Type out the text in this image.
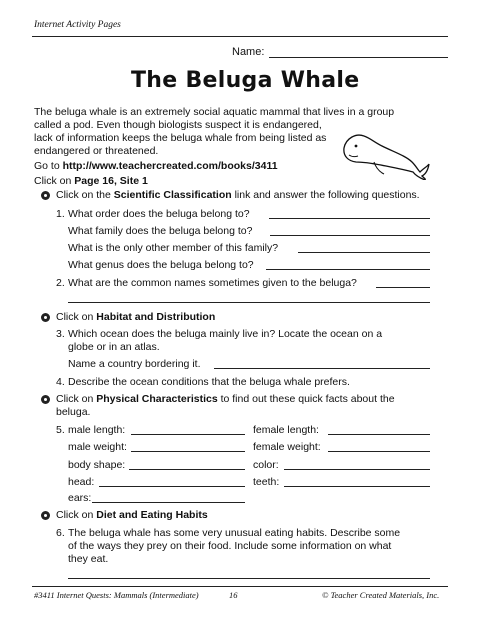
Internet Activity Pages
Name:
The Beluga Whale
The beluga whale is an extremely social aquatic mammal that lives in a group
called a pod. Even though biologists suspect it is endangered,
lack of information keeps the beluga whale from being listed as
endangered or threatened.
Go to http://www.teachercreated.com/books/3411
Click on Page 16, Site 1
Click on the Scientific Classification link and answer the following questions.
1. What order does the beluga belong to?
What family does the beluga belong to?
What is the only other member of this family?
What genus does the beluga belong to?
2. What are the common names sometimes given to the beluga?
Click on Habitat and Distribution
3. Which ocean does the beluga mainly live in? Locate the ocean on a
globe or in an atlas.
Name a country bordering it.
4. Describe the ocean conditions that the beluga whale prefers.
Click on Physical Characteristics to find out these quick facts about the
beluga.
5. male length:	female length:
male weight:	female weight:
body shape:	color:
head:	teeth:
ears:
Click on Diet and Eating Habits
6. The beluga whale has some very unusual eating habits. Describe some
of the ways they prey on their food. Include some information on what
they eat.
#3411 Internet Quests: Mammals (Intermediate)	16	© Teacher Created Materials, Inc.
